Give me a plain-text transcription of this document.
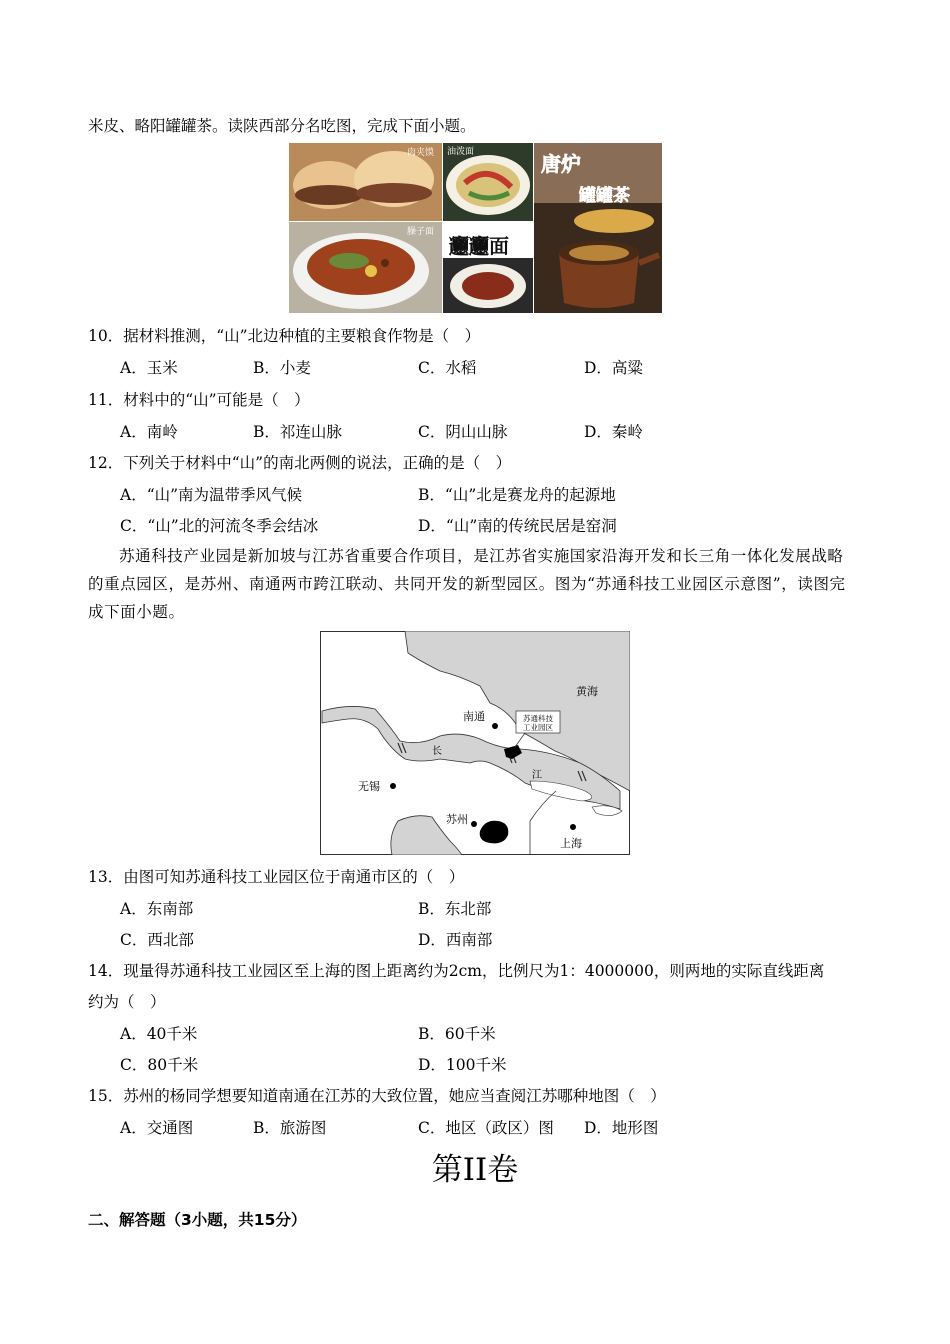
米皮、略阳罐罐茶。读陕西部分名吃图，完成下面小题。
肉夹馍 油泼面
臊子面
𰻞𰻞面
唐炉
罐罐茶
10．据材料推测，“山”北边种植的主要粮食作物是（　）
A．玉米	B．小麦	C．水稻	D．高粱
11．材料中的“山”可能是（　）
A．南岭	B．祁连山脉	C．阴山山脉	D．秦岭
12．下列关于材料中“山”的南北两侧的说法，正确的是（　）
A．“山”南为温带季风气候	B．“山”北是赛龙舟的起源地
C．“山”北的河流冬季会结冰	D．“山”南的传统民居是窑洞
苏通科技产业园是新加坡与江苏省重要合作项目，是江苏省实施国家沿海开发和长三角一体化发展战略的重点园区，是苏州、南通两市跨江联动、共同开发的新型园区。图为“苏通科技工业园区示意图”，读图完成下面小题。
苏通科技
工业园区
黄海
南通
长
江
无锡
苏州
上海
13．由图可知苏通科技工业园区位于南通市区的（　）
A．东南部	B．东北部
C．西北部	D．西南部
14．现量得苏通科技工业园区至上海的图上距离约为2cm，比例尺为1：4000000，则两地的实际直线距离
约为（　）
A．40千米	B．60千米
C．80千米	D．100千米
15．苏州的杨同学想要知道南通在江苏的大致位置，她应当查阅江苏哪种地图（　）
A．交通图	B．旅游图	C．地区（政区）图 D．地形图
第II卷
二、解答题（3小题，共15分）
